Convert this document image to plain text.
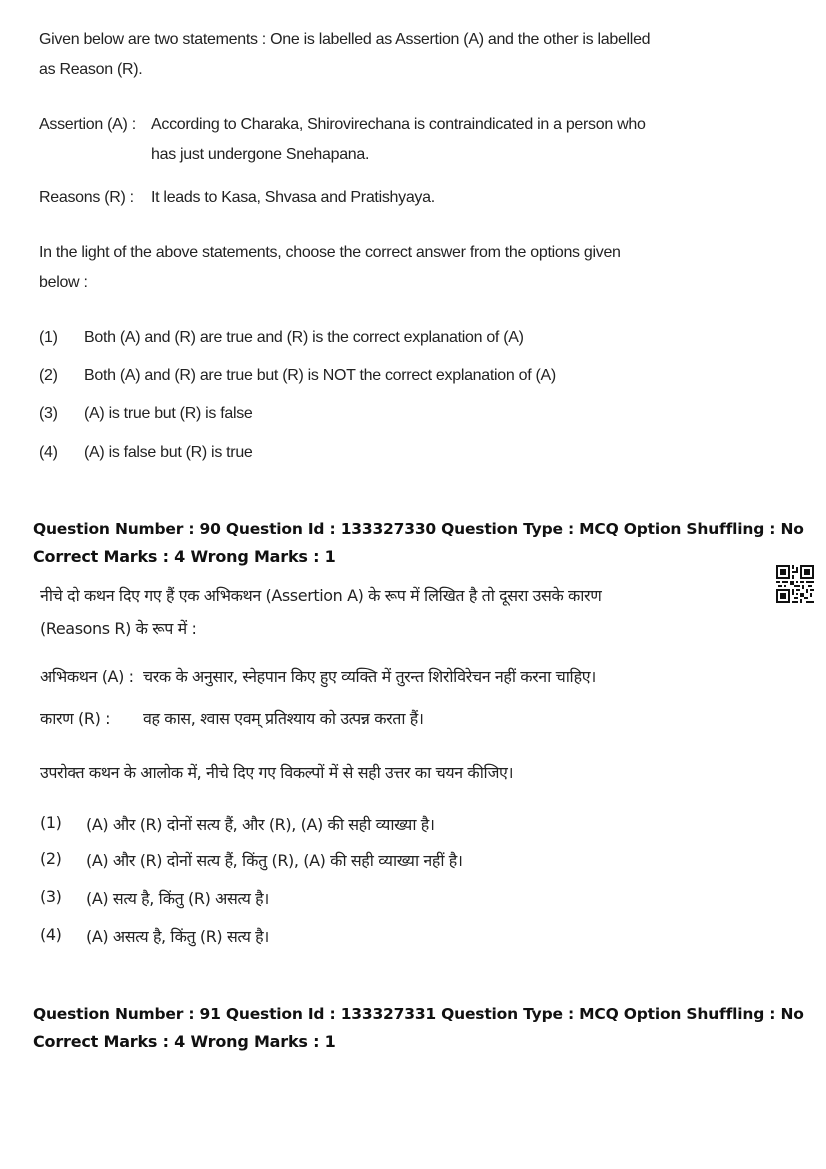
Given below are two statements : One is labelled as Assertion (A) and the other is labelled
as Reason (R).
Assertion (A) : According to Charaka, Shirovirechana is contraindicated in a person who
has just undergone Snehapana.
Reasons (R) : It leads to Kasa, Shvasa and Pratishyaya.
In the light of the above statements, choose the correct answer from the options given
below :
(1) Both (A) and (R) are true and (R) is the correct explanation of (A)
(2) Both (A) and (R) are true but (R) is NOT the correct explanation of (A)
(3) (A) is true but (R) is false
(4) (A) is false but (R) is true
Question Number : 90 Question Id : 133327330 Question Type : MCQ Option Shuffling : No
Correct Marks : 4 Wrong Marks : 1
नीचे दो कथन दिए गए हैं एक अभिकथन (Assertion A) के रूप में लिखित है तो दूसरा उसके कारण
(Reasons R) के रूप में :
अभिकथन (A) : चरक के अनुसार, स्नेहपान किए हुए व्यक्ति में तुरन्त शिरोविरेचन नहीं करना चाहिए।
कारण (R) : वह कास, श्वास एवम् प्रतिश्याय को उत्पन्न करता हैं।
उपरोक्त कथन के आलोक में, नीचे दिए गए विकल्पों में से सही उत्तर का चयन कीजिए।
(1) (A) और (R) दोनों सत्य हैं, और (R), (A) की सही व्याख्या है।
(2) (A) और (R) दोनों सत्य हैं, किंतु (R), (A) की सही व्याख्या नहीं है।
(3) (A) सत्य है, किंतु (R) असत्य है।
(4) (A) असत्य है, किंतु (R) सत्य है।
Question Number : 91 Question Id : 133327331 Question Type : MCQ Option Shuffling : No
Correct Marks : 4 Wrong Marks : 1
